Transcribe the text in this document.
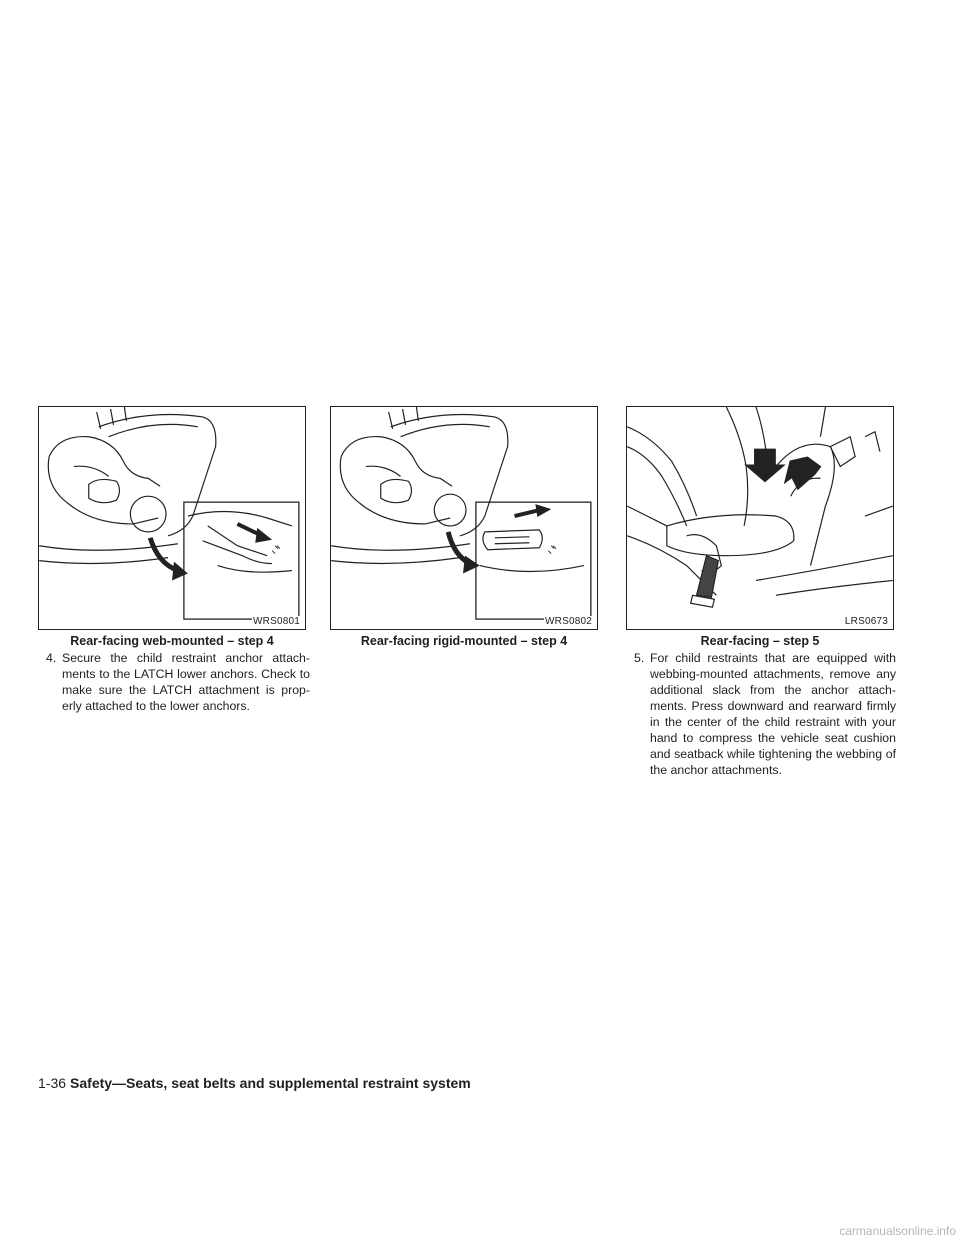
WRS0801
Rear-facing web-mounted – step 4
WRS0802
Rear-facing rigid-mounted – step 4
LRS0673
Rear-facing – step 5
4. Secure the child restraint anchor attach-ments to the LATCH lower anchors. Check to make sure the LATCH attachment is prop-erly attached to the lower anchors.
5. For child restraints that are equipped with webbing-mounted attachments, remove any additional slack from the anchor attach-ments. Press downward and rearward firmly in the center of the child restraint with your hand to compress the vehicle seat cushion and seatback while tightening the webbing of the anchor attachments.
1-36 Safety—Seats, seat belts and supplemental restraint system
carmanualsonline.info
